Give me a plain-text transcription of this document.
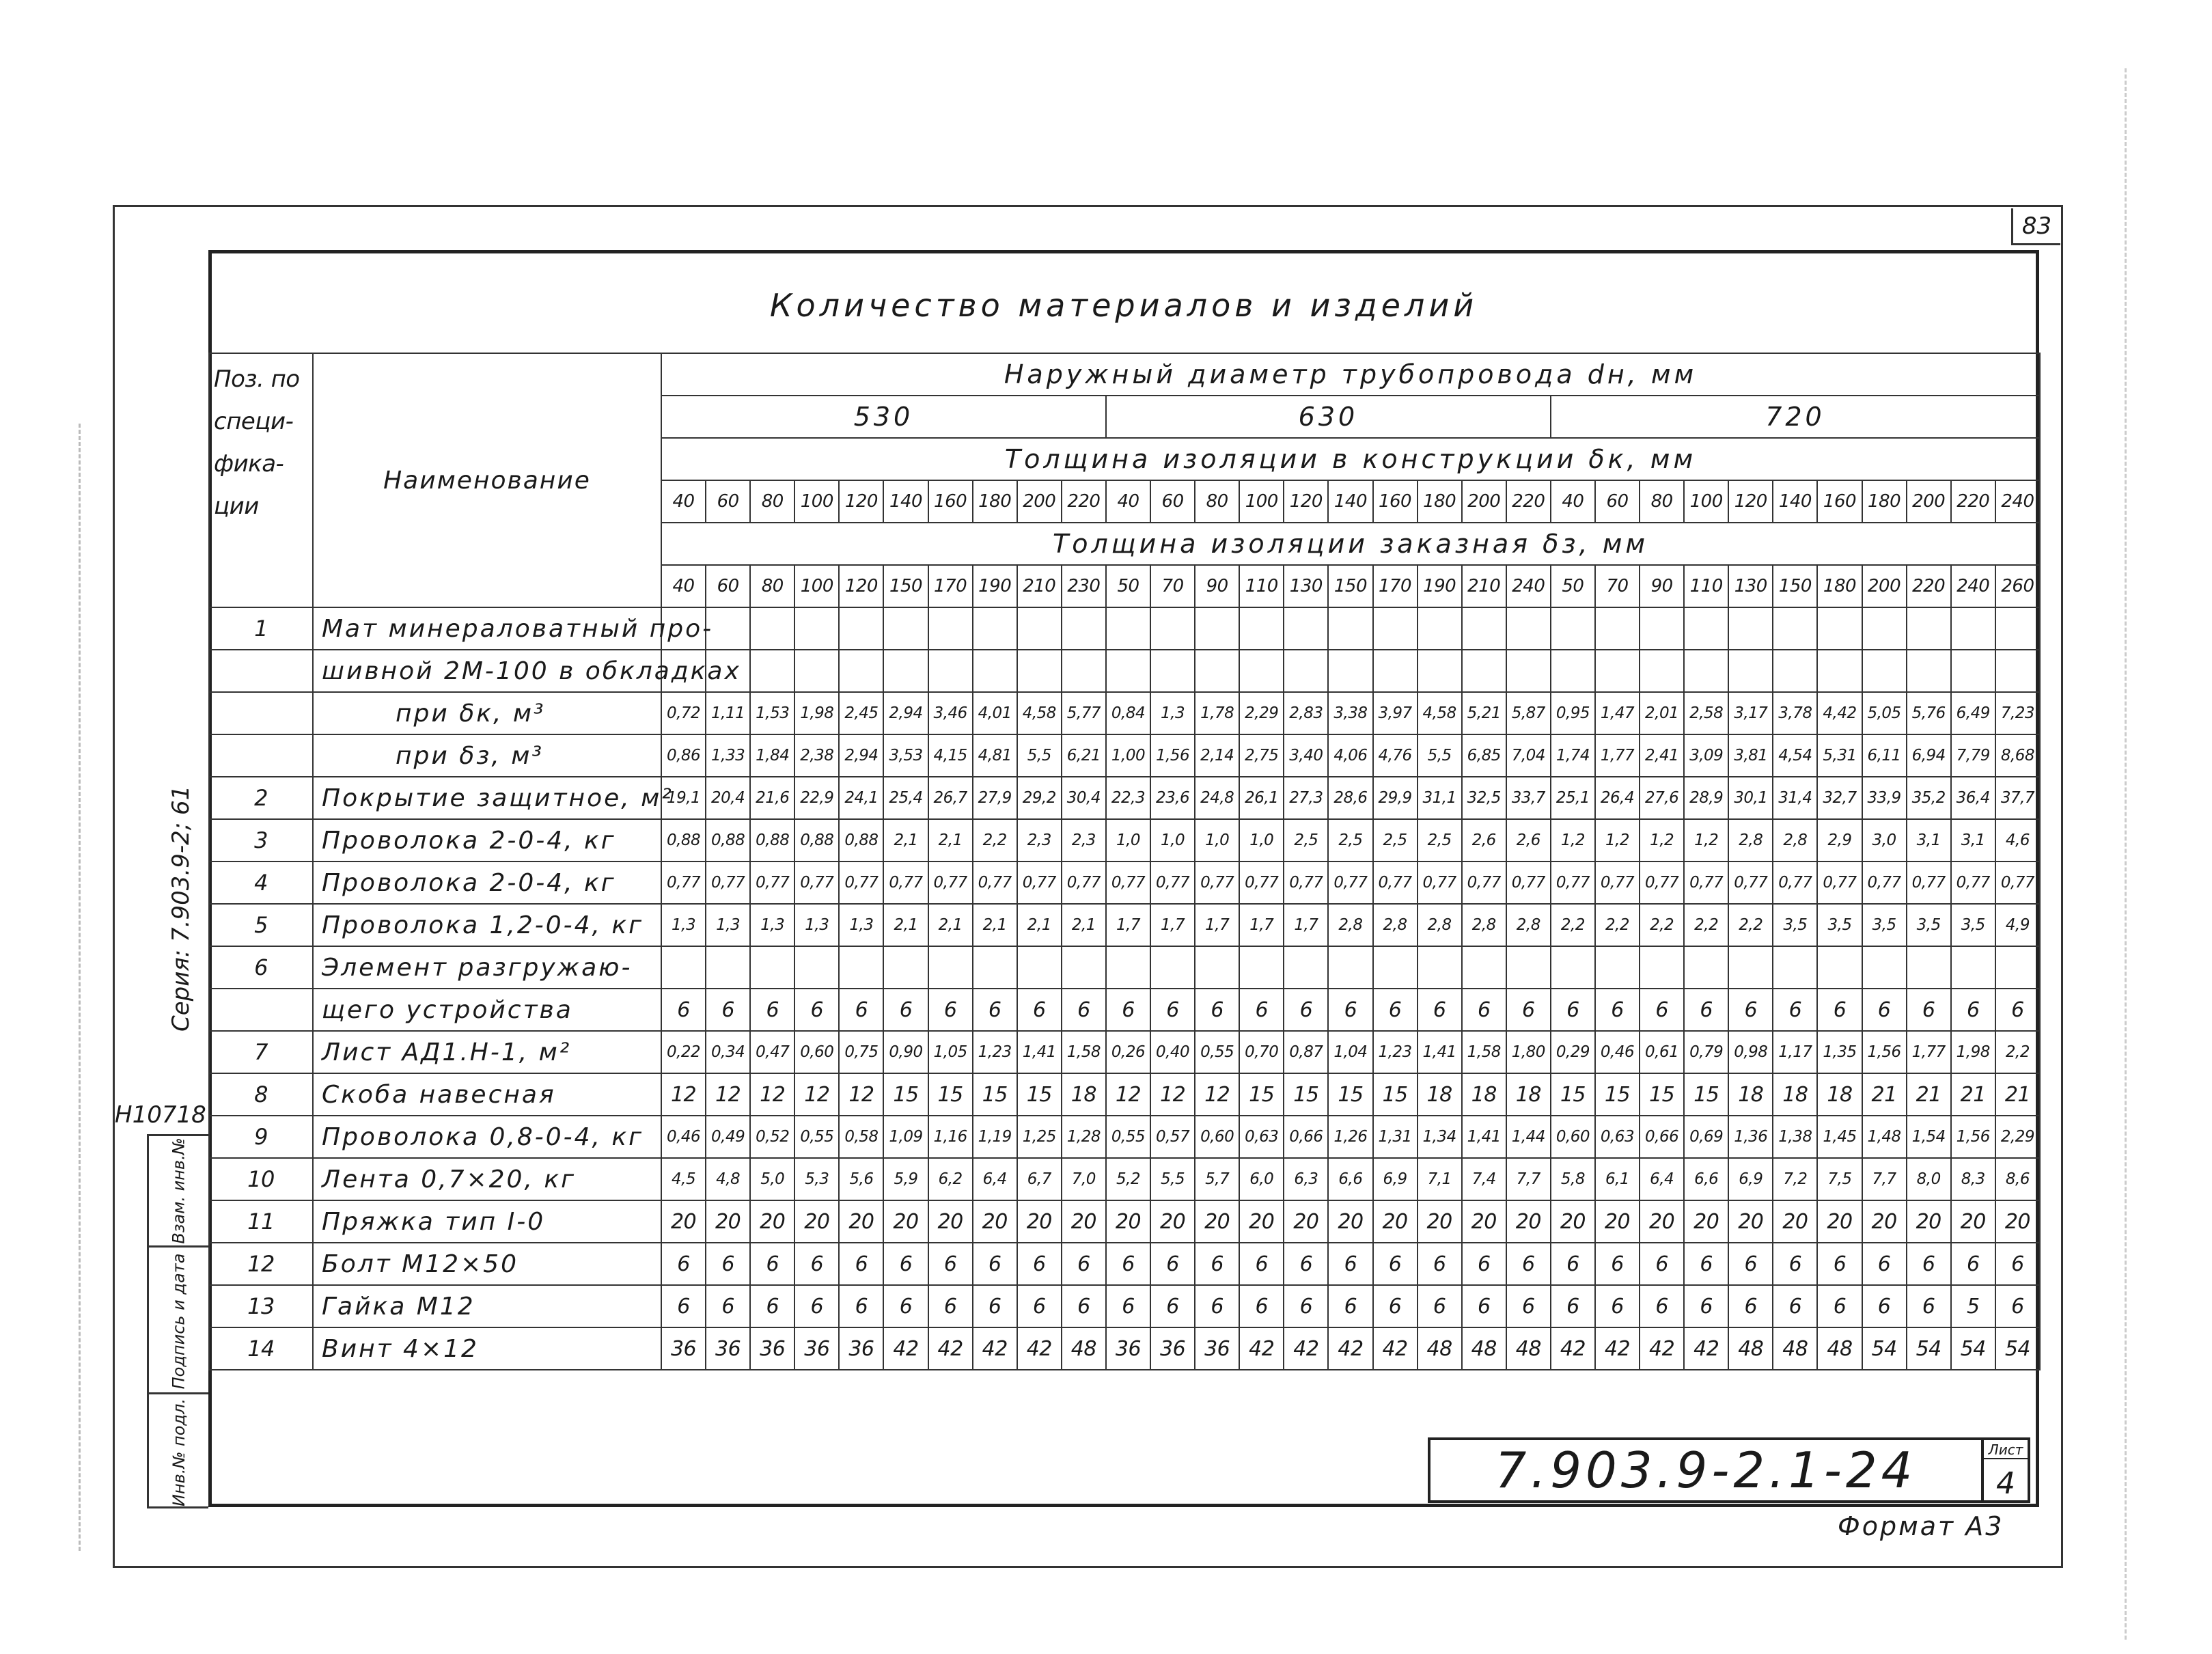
83
Серия: 7.903.9-2; 61
Н10718
Взам. инв.№
Подпись и дата
Инв.№ подл.
Количество материалов и изделий
Поз. по специ-фика-ции	Наименование	Наружный диаметр трубопровода dн, мм																														
		530										630										720										
		Толщина изоляции в конструкции δк, мм																														
		40	60	80	100	120	140	160	180	200	220	40	60	80	100	120	140	160	180	200	220	40	60	80	100	120	140	160	180	200	220	240
		Толщина изоляции заказная δз, мм																														
		40	60	80	100	120	150	170	190	210	230	50	70	90	110	130	150	170	190	210	240	50	70	90	110	130	150	180	200	220	240	260
1	Мат минераловатный про-																															
	шивной 2М-100 в обкладках																															
	при δк, м³	0,72	1,11	1,53	1,98	2,45	2,94	3,46	4,01	4,58	5,77	0,84	1,3	1,78	2,29	2,83	3,38	3,97	4,58	5,21	5,87	0,95	1,47	2,01	2,58	3,17	3,78	4,42	5,05	5,76	6,49	7,23
	при δз, м³	0,86	1,33	1,84	2,38	2,94	3,53	4,15	4,81	5,5	6,21	1,00	1,56	2,14	2,75	3,40	4,06	4,76	5,5	6,85	7,04	1,74	1,77	2,41	3,09	3,81	4,54	5,31	6,11	6,94	7,79	8,68
2	Покрытие защитное, м²	19,1	20,4	21,6	22,9	24,1	25,4	26,7	27,9	29,2	30,4	22,3	23,6	24,8	26,1	27,3	28,6	29,9	31,1	32,5	33,7	25,1	26,4	27,6	28,9	30,1	31,4	32,7	33,9	35,2	36,4	37,7
3	Проволока 2-0-4, кг	0,88	0,88	0,88	0,88	0,88	2,1	2,1	2,2	2,3	2,3	1,0	1,0	1,0	1,0	2,5	2,5	2,5	2,5	2,6	2,6	1,2	1,2	1,2	1,2	2,8	2,8	2,9	3,0	3,1	3,1	4,6
4	Проволока 2-0-4, кг	0,77	0,77	0,77	0,77	0,77	0,77	0,77	0,77	0,77	0,77	0,77	0,77	0,77	0,77	0,77	0,77	0,77	0,77	0,77	0,77	0,77	0,77	0,77	0,77	0,77	0,77	0,77	0,77	0,77	0,77	0,77
5	Проволока 1,2-0-4, кг	1,3	1,3	1,3	1,3	1,3	2,1	2,1	2,1	2,1	2,1	1,7	1,7	1,7	1,7	1,7	2,8	2,8	2,8	2,8	2,8	2,2	2,2	2,2	2,2	2,2	3,5	3,5	3,5	3,5	3,5	4,9
6	Элемент разгружаю-																															
	щего устройства	6	6	6	6	6	6	6	6	6	6	6	6	6	6	6	6	6	6	6	6	6	6	6	6	6	6	6	6	6	6	6
7	Лист АД1.Н-1, м²	0,22	0,34	0,47	0,60	0,75	0,90	1,05	1,23	1,41	1,58	0,26	0,40	0,55	0,70	0,87	1,04	1,23	1,41	1,58	1,80	0,29	0,46	0,61	0,79	0,98	1,17	1,35	1,56	1,77	1,98	2,2
8	Скоба навесная	12	12	12	12	12	15	15	15	15	18	12	12	12	15	15	15	15	18	18	18	15	15	15	15	18	18	18	21	21	21	21
9	Проволока 0,8-0-4, кг	0,46	0,49	0,52	0,55	0,58	1,09	1,16	1,19	1,25	1,28	0,55	0,57	0,60	0,63	0,66	1,26	1,31	1,34	1,41	1,44	0,60	0,63	0,66	0,69	1,36	1,38	1,45	1,48	1,54	1,56	2,29
10	Лента 0,7×20, кг	4,5	4,8	5,0	5,3	5,6	5,9	6,2	6,4	6,7	7,0	5,2	5,5	5,7	6,0	6,3	6,6	6,9	7,1	7,4	7,7	5,8	6,1	6,4	6,6	6,9	7,2	7,5	7,7	8,0	8,3	8,6
11	Пряжка тип I-0	20	20	20	20	20	20	20	20	20	20	20	20	20	20	20	20	20	20	20	20	20	20	20	20	20	20	20	20	20	20	20
12	Болт М12×50	6	6	6	6	6	6	6	6	6	6	6	6	6	6	6	6	6	6	6	6	6	6	6	6	6	6	6	6	6	6	6
13	Гайка М12	6	6	6	6	6	6	6	6	6	6	6	6	6	6	6	6	6	6	6	6	6	6	6	6	6	6	6	6	6	5	6
14	Винт 4×12	36	36	36	36	36	42	42	42	42	48	36	36	36	42	42	42	42	48	48	48	42	42	42	42	48	48	48	54	54	54	54
7.903.9-2.1-24	Лист
4
Формат А3
